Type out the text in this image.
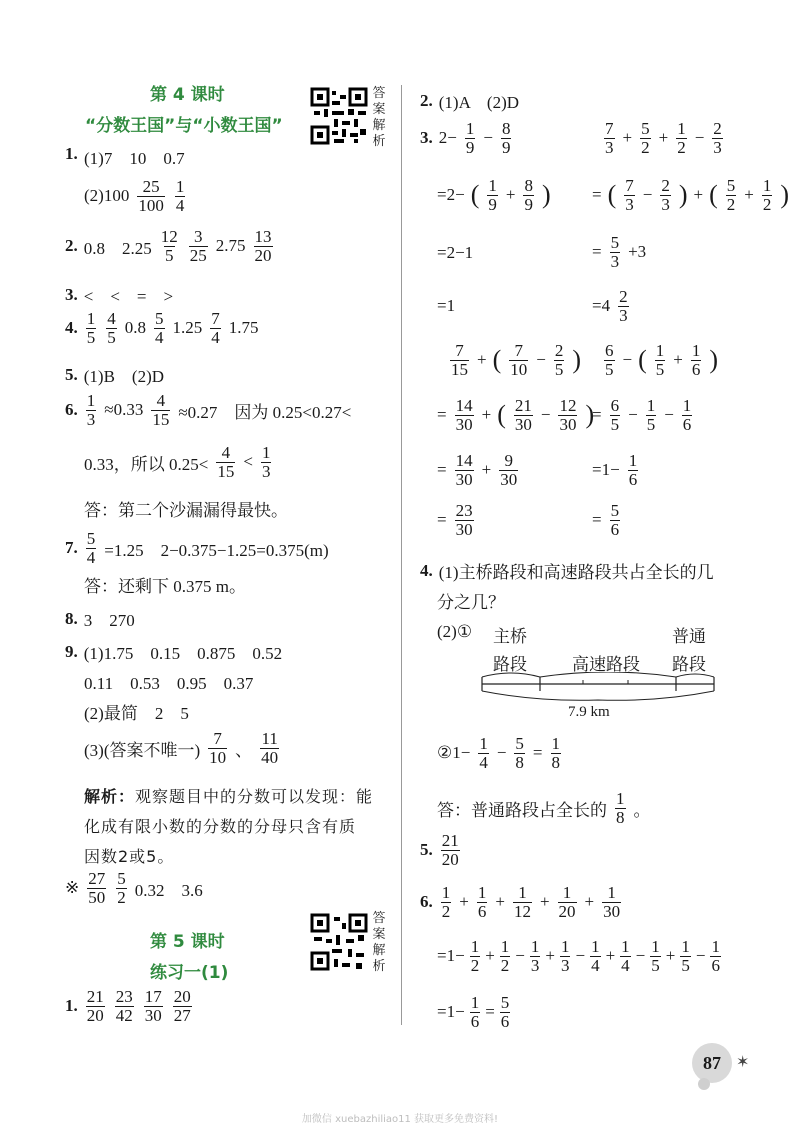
第 4 课时
“分数王国”与“小数王国”
答案解析
1. (1)7　10　0.7
(2)100 25
100
1
4
2. 0.8　2.25
12
5
3
25 2.75 13
20
3. <　<　=　>
4. 1
5
4
5 0.8 5
4 1.25 7
4 1.75
5. (1)B　(2)D
6. $\frac{1}{3} \approx 0.33 \frac{4}{15} \approx 0.27$　因为 0.25<0.27<
0.33，所以 0.25<
4
15 < 1
3
答：第二个沙漏漏得最快。
7. $\frac{5}{4} =1.25$　2−0.375−1.25=0.375(m)
答：还剩下 0.375 m。
8. 3　270
9. (1)1.75　0.15　0.875　0.52
0.11　0.53　0.95　0.37
(2)最简　2　5
(3)(答案不唯一)
7
10 、
11
40
解析：观察题目中的分数可以发现：能
化成有限小数的分数的分母只含有质
因数2或5。
※ 27
50
5
2 0.32　3.6
第 5 课时
练习一(1)
答案解析
1. 21
20
23
42
17
30
20
27
2. (1)A　(2)D
3. $2- \frac{1}{9} - \frac{8}{9}$
=2− ( 1
$9 + \frac{8}{9}$ )
=2−1
=1
7
$3 + \frac{5}{2} + \frac{1}{2} - \frac{2}{3}$
= ( 7
$3 - \frac{2}{3}$ ) + ( 5
$2 + \frac{1}{2}$ )
= $\frac{5}{3} +3$
=4 2
3
7
15 + ( 7
$10 - \frac{2}{5}$ )
= $\frac{14}{30}$ + ( 21
$30 - \frac{12}{30}$ )
= $\frac{14}{30} + \frac{9}{30}$
= $\frac{23}{30}$
6
5 − ( 1
$5 + \frac{1}{6}$ )
= $\frac{6}{5} - \frac{1}{5} - \frac{1}{6}$
$=1- \frac{1}{6}$
= $\frac{5}{6}$
4. (1)主桥路段和高速路段共占全长的几
分之几？
(2)① 主桥
路段	高速路段
普通
路段
7.9 km
②1− $\frac{1}{4} - \frac{5}{8} = \frac{1}{8}$
答：普通路段占全长的
1
8 。
5. 21
20
6. 1
$2 + \frac{1}{6} + \frac{1}{12} + \frac{1}{20} + \frac{1}{30}$
$=1- \frac{1}{2} + \frac{1}{2} - \frac{1}{3} + \frac{1}{3} - \frac{1}{4} + \frac{1}{4} - \frac{1}{5} + \frac{1}{5} - \frac{1}{6}$
$=1- \frac{1}{6} = \frac{5}{6}$
87 ✶
加微信 xuebazhiliao11 获取更多免费资料!
